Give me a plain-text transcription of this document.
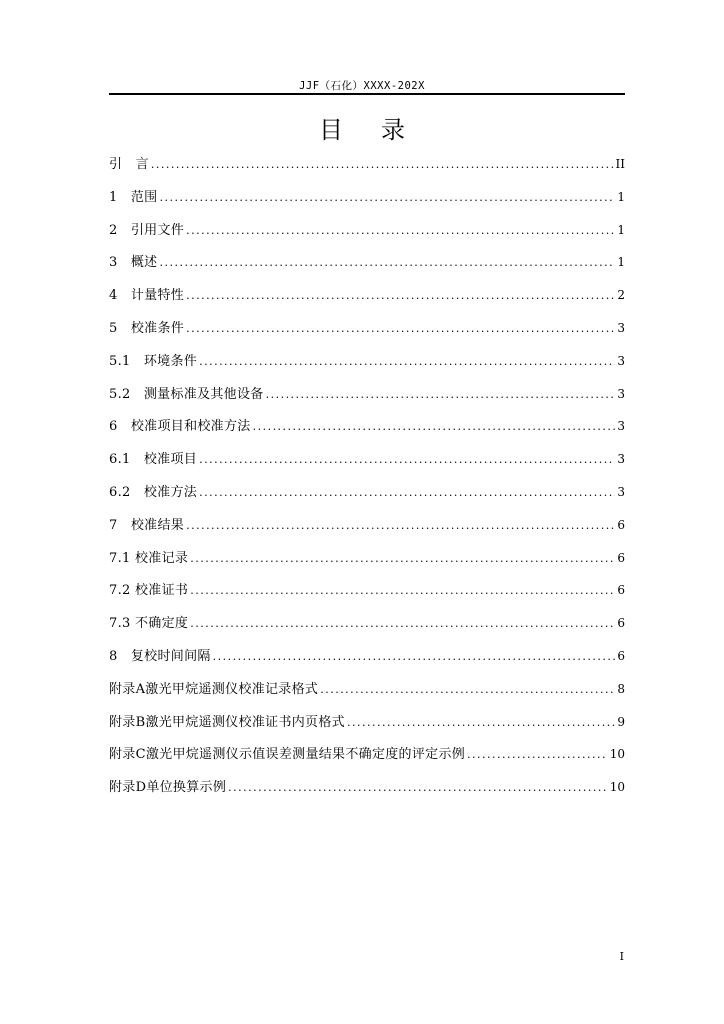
JJF（石化）XXXX-202X
目录
引　言 .....	II
1　范围 .....	1
2　引用文件 .....	1
3　概述 .....	1
4　计量特性 .....	2
5　校准条件 .....	3
5.1　环境条件 .....	3
5.2　测量标准及其他设备 .....	3
6　校准项目和校准方法 .....	3
6.1　校准项目 .....	3
6.2　校准方法 .....	3
7　校准结果 .....	6
7.1 校准记录 .....	6
7.2 校准证书 .....	6
7.3 不确定度 .....	6
8　复校时间间隔 .....	6
附录A激光甲烷遥测仪校准记录格式 .....	8
附录B激光甲烷遥测仪校准证书内页格式 .....	9
附录C激光甲烷遥测仪示值误差测量结果不确定度的评定示例 .....	10
附录D单位换算示例 .....	10
I
